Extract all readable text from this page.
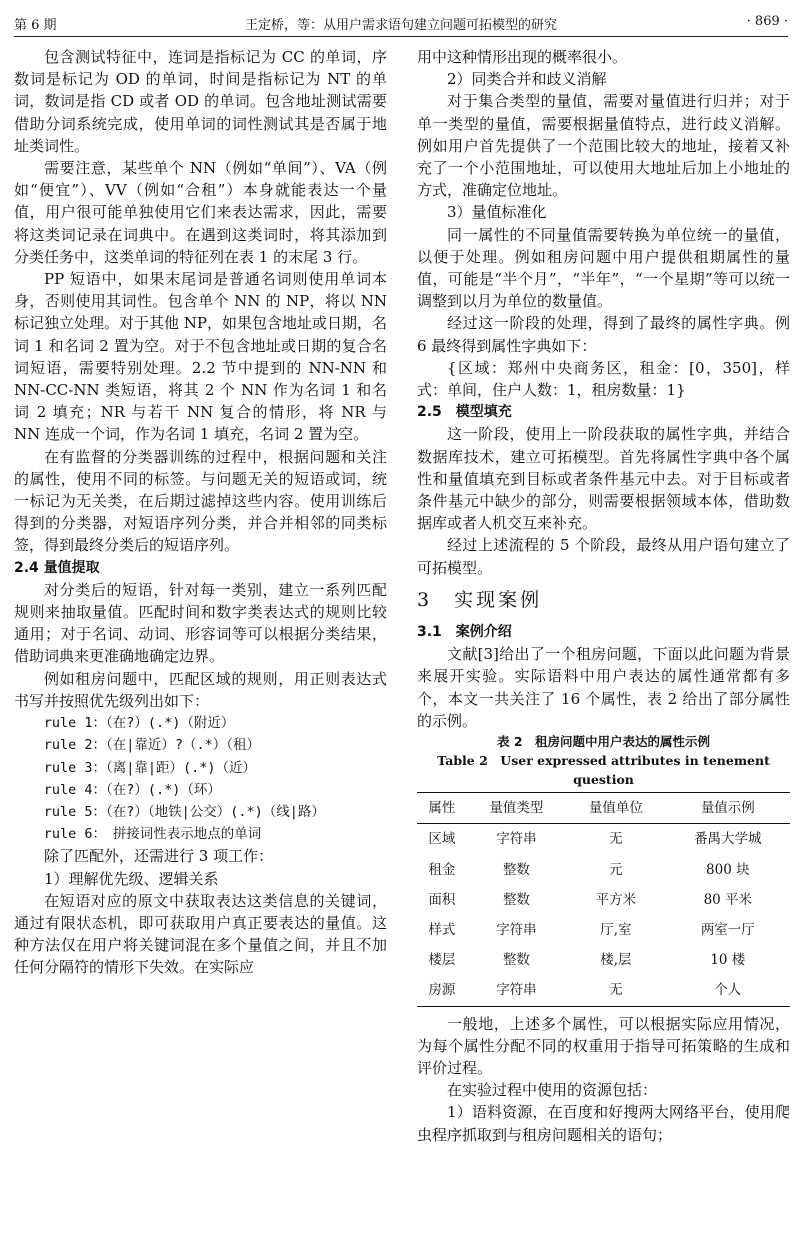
第 6 期	王定桥，等：从用户需求语句建立问题可拓模型的研究	· 869 ·

包含测试特征中，连词是指标记为 CC 的单词，序数词是标记为 OD 的单词，时间是指标记为 NT 的单词，数词是指 CD 或者 OD 的单词。包含地址测试需要借助分词系统完成，使用单词的词性测试其是否属于地址类词性。

需要注意，某些单个 NN（例如“单间”）、VA（例如“便宜”）、VV（例如“合租”）本身就能表达一个量值，用户很可能单独使用它们来表达需求，因此，需要将这类词记录在词典中。在遇到这类词时，将其添加到分类任务中，这类单词的特征列在表 1 的末尾 3 行。

PP 短语中，如果末尾词是普通名词则使用单词本身，否则使用其词性。包含单个 NN 的 NP，将以 NN 标记独立处理。对于其他 NP，如果包含地址或日期，名词 1 和名词 2 置为空。对于不包含地址或日期的复合名词短语，需要特别处理。2.2 节中提到的 NN-NN 和 NN-CC-NN 类短语，将其 2 个 NN 作为名词 1 和名词 2 填充；NR 与若干 NN 复合的情形，将 NR 与 NN 连成一个词，作为名词 1 填充，名词 2 置为空。

在有监督的分类器训练的过程中，根据问题和关注的属性，使用不同的标签。与问题无关的短语或词，统一标记为无关类，在后期过滤掉这些内容。使用训练后得到的分类器，对短语序列分类，并合并相邻的同类标签，得到最终分类后的短语序列。

2.4 量值提取

对分类后的短语，针对每一类别，建立一系列匹配规则来抽取量值。匹配时间和数字类表达式的规则比较通用；对于名词、动词、形容词等可以根据分类结果，借助词典来更准确地确定边界。

例如租房问题中，匹配区域的规则，用正则表达式书写并按照优先级列出如下：

rule 1：（在?）(.*)（附近）

rule 2：（在|靠近）?（.*）（租）

rule 3：（离|靠|距）(.*)（近）

rule 4：（在?）(.*)（环）

rule 5：（在?）（地铁|公交）(.*)（线|路）

rule 6：　拼接词性表示地点的单词

除了匹配外，还需进行 3 项工作：

1）理解优先级、逻辑关系

在短语对应的原文中获取表达这类信息的关键词，通过有限状态机，即可获取用户真正要表达的量值。这种方法仅在用户将关键词混在多个量值之间，并且不加任何分隔符的情形下失效。在实际应

用中这种情形出现的概率很小。

2）同类合并和歧义消解

对于集合类型的量值，需要对量值进行归并；对于单一类型的量值，需要根据量值特点，进行歧义消解。例如用户首先提供了一个范围比较大的地址，接着又补充了一个小范围地址，可以使用大地址后加上小地址的方式，准确定位地址。

3）量值标准化

同一属性的不同量值需要转换为单位统一的量值，以便于处理。例如租房问题中用户提供租期属性的量值，可能是“半个月”，“半年”，“一个星期”等可以统一调整到以月为单位的数量值。

经过这一阶段的处理，得到了最终的属性字典。例 6 最终得到属性字典如下：

{区域：郑州中央商务区，租金：[0，350]，样式：单间，住户人数：1，租房数量：1}

2.5　模型填充

这一阶段，使用上一阶段获取的属性字典，并结合数据库技术，建立可拓模型。首先将属性字典中各个属性和量值填充到目标或者条件基元中去。对于目标或者条件基元中缺少的部分，则需要根据领域本体，借助数据库或者人机交互来补充。

经过上述流程的 5 个阶段，最终从用户语句建立了可拓模型。

3　实现案例

3.1　案例介绍

文献[3]给出了一个租房问题，下面以此问题为背景来展开实验。实际语料中用户表达的属性通常都有多个，本文一共关注了 16 个属性，表 2 给出了部分属性的示例。

表 2　租房问题中用户表达的属性示例
Table 2　User expressed attributes in tenement question
属性	量值类型	量值单位	量值示例
区域	字符串	无	番禺大学城
租金	整数	元	800 块
面积	整数	平方米	80 平米
样式	字符串	厅,室	两室一厅
楼层	整数	楼,层	10 楼
房源	字符串	无	个人

一般地，上述多个属性，可以根据实际应用情况，为每个属性分配不同的权重用于指导可拓策略的生成和评价过程。

在实验过程中使用的资源包括：

1）语料资源，在百度和好搜两大网络平台，使用爬虫程序抓取到与租房问题相关的语句；
